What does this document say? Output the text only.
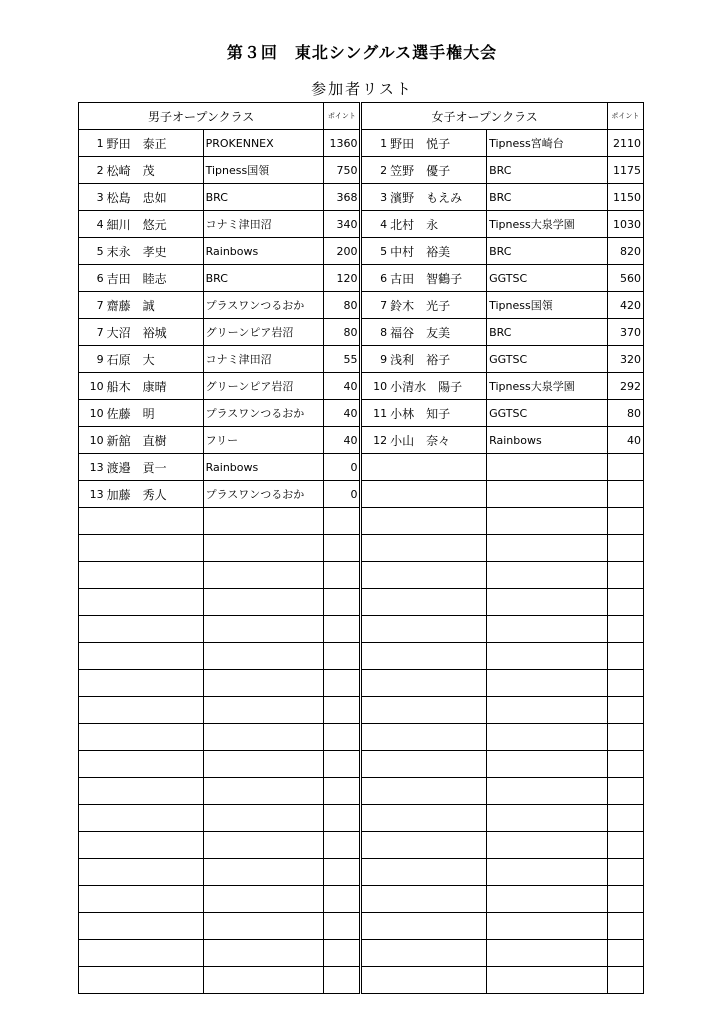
第３回　東北シングルス選手権大会
参加者リスト
男子オープンクラス			ポイント		女子オープンクラス			ポイント
1	野田　泰正	PROKENNEX	1360		1	野田　悦子	Tipness宮崎台	2110
2	松崎　茂	Tipness国領	750		2	笠野　優子	BRC	1175
3	松島　忠如	BRC	368		3	濱野　もえみ	BRC	1150
4	細川　悠元	コナミ津田沼	340		4	北村　永	Tipness大泉学園	1030
5	末永　孝史	Rainbows	200		5	中村　裕美	BRC	820
6	吉田　睦志	BRC	120		6	古田　智鶴子	GGTSC	560
7	齋藤　誠	プラスワンつるおか	80		7	鈴木　光子	Tipness国領	420
7	大沼　裕城	グリーンピア岩沼	80		8	福谷　友美	BRC	370
9	石原　大	コナミ津田沼	55		9	浅利　裕子	GGTSC	320
10	船木　康晴	グリーンピア岩沼	40		10	小清水　陽子	Tipness大泉学園	292
10	佐藤　明	プラスワンつるおか	40		11	小林　知子	GGTSC	80
10	新舘　直樹	フリー	40		12	小山　奈々	Rainbows	40
13	渡邉　貢一	Rainbows	0					
13	加藤　秀人	プラスワンつるおか	0					
